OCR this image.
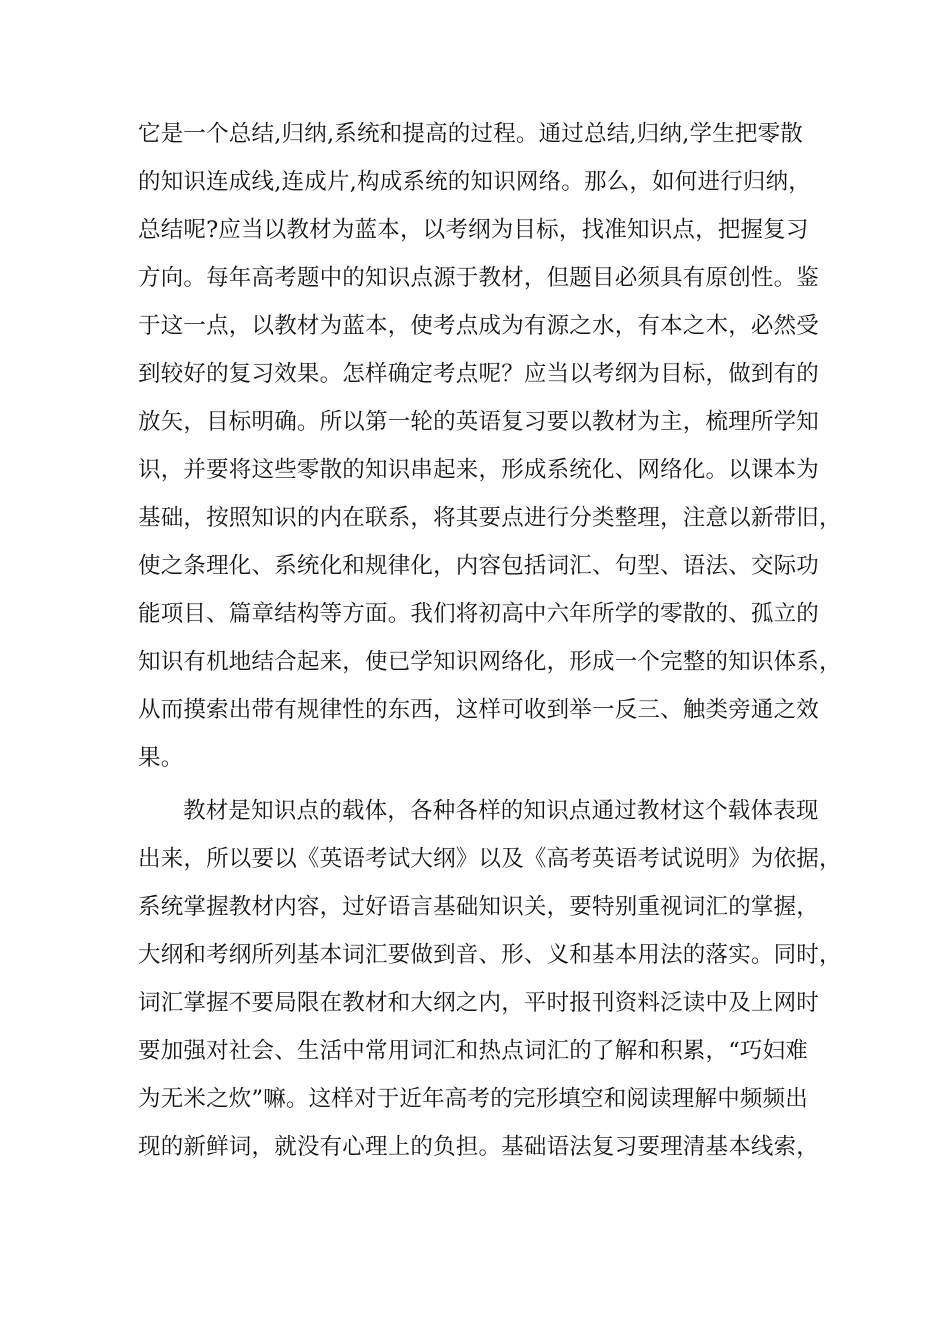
它是一个总结,归纳,系统和提高的过程。通过总结,归纳,学生把零散
的知识连成线,连成片,构成系统的知识网络。那么，如何进行归纳，
总结呢?应当以教材为蓝本，以考纲为目标，找准知识点，把握复习
方向。每年高考题中的知识点源于教材，但题目必须具有原创性。鉴
于这一点，以教材为蓝本，使考点成为有源之水，有本之木，必然受
到较好的复习效果。怎样确定考点呢？应当以考纲为目标，做到有的
放矢，目标明确。所以第一轮的英语复习要以教材为主，梳理所学知
识，并要将这些零散的知识串起来，形成系统化、网络化。以课本为
基础，按照知识的内在联系，将其要点进行分类整理，注意以新带旧，
使之条理化、系统化和规律化，内容包括词汇、句型、语法、交际功
能项目、篇章结构等方面。我们将初高中六年所学的零散的、孤立的
知识有机地结合起来，使已学知识网络化，形成一个完整的知识体系，
从而摸索出带有规律性的东西，这样可收到举一反三、触类旁通之效
果。
教材是知识点的载体，各种各样的知识点通过教材这个载体表现
出来，所以要以《英语考试大纲》以及《高考英语考试说明》为依据，
系统掌握教材内容，过好语言基础知识关，要特别重视词汇的掌握，
大纲和考纲所列基本词汇要做到音、形、义和基本用法的落实。同时，
词汇掌握不要局限在教材和大纲之内，平时报刊资料泛读中及上网时
要加强对社会、生活中常用词汇和热点词汇的了解和积累，“巧妇难
为无米之炊”嘛。这样对于近年高考的完形填空和阅读理解中频频出
现的新鲜词，就没有心理上的负担。基础语法复习要理清基本线索，
